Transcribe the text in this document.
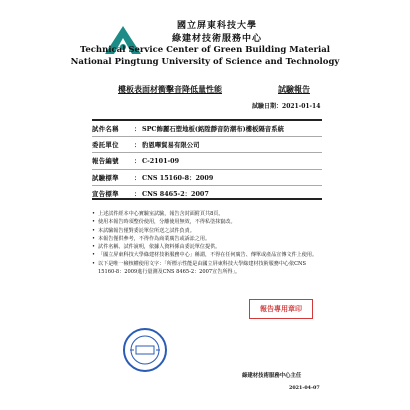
國立屏東科技大學
綠建材技術服務中心
Technical Service Center of Green Building Material
National Pingtung University of Science and Technology
樓板表面材衝擊音降低量性能	試驗報告
試驗日期：2021-01-14
試件名稱	：	SPC飾麗石塑地板(銘陞靜音防潮布)樓板隔音系統
委託單位	：	豹恩嗶貿易有限公司
報告編號	：	C-2101-09
試驗標準	：	CNS 15160-8：2009
宣告標準	：	CNS 8465-2：2007
• 上述試件經本中心實驗室試驗，報告含封面附頁共8頁。
• 使用本報告時須整份使用，分離使用無效，不得私塗抹竄改。
• 本試驗報告僅對委託單位所送之試件負責。
• 本報告僅供參考，不得作為商業廣告或訴訟之用。
• 試件名稱、試件說明，依據人資料係由委託單位提供。
• 「國立屏東科技大學綠建材技術服務中心」稱謂，不得在任何廣告、傳單或產品宣傳文件上使用。
• 以下是唯一檢核權使用文字：「所標示性能是由國立屏東科技大學綠建材技術服務中心依CNS 15160-8：2009進行量測及CNS 8465-2：2007宣告所得」。
報告專用章印
綠建材技術服務中心主任
2021-04-07
